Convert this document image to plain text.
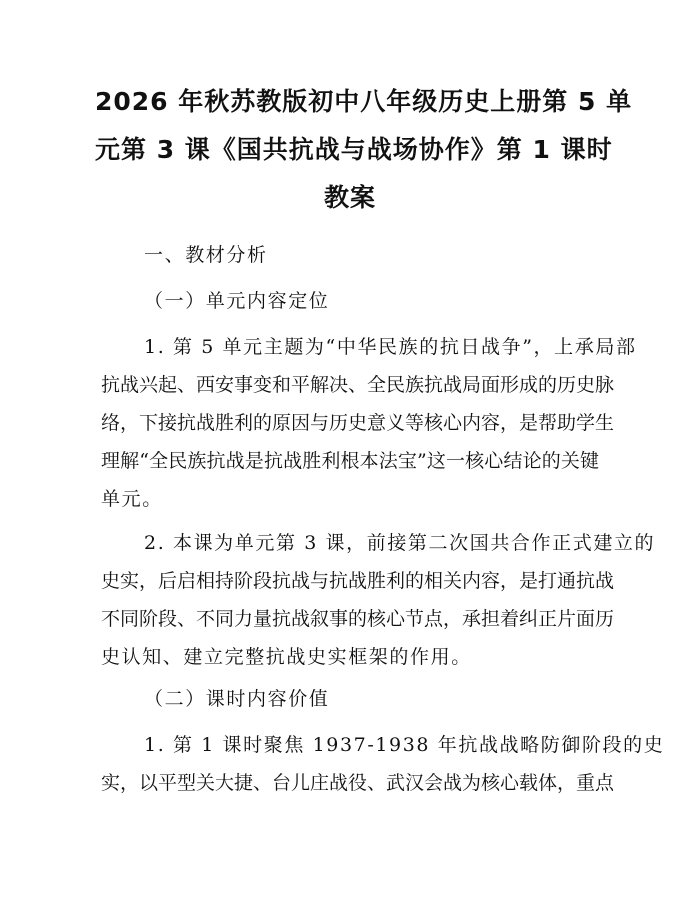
2026 年秋苏教版初中八年级历史上册第 5 单
元第 3 课《国共抗战与战场协作》第 1 课时
教案
一、教材分析
（一）单元内容定位
1. 第 5 单元主题为“中华民族的抗日战争”，上承局部
抗战兴起、西安事变和平解决、全民族抗战局面形成的历史脉
络，下接抗战胜利的原因与历史意义等核心内容，是帮助学生
理解“全民族抗战是抗战胜利根本法宝”这一核心结论的关键
单元。
2. 本课为单元第 3 课，前接第二次国共合作正式建立的
史实，后启相持阶段抗战与抗战胜利的相关内容，是打通抗战
不同阶段、不同力量抗战叙事的核心节点，承担着纠正片面历
史认知、建立完整抗战史实框架的作用。
（二）课时内容价值
1. 第 1 课时聚焦 1937-1938 年抗战战略防御阶段的史
实，以平型关大捷、台儿庄战役、武汉会战为核心载体，重点
